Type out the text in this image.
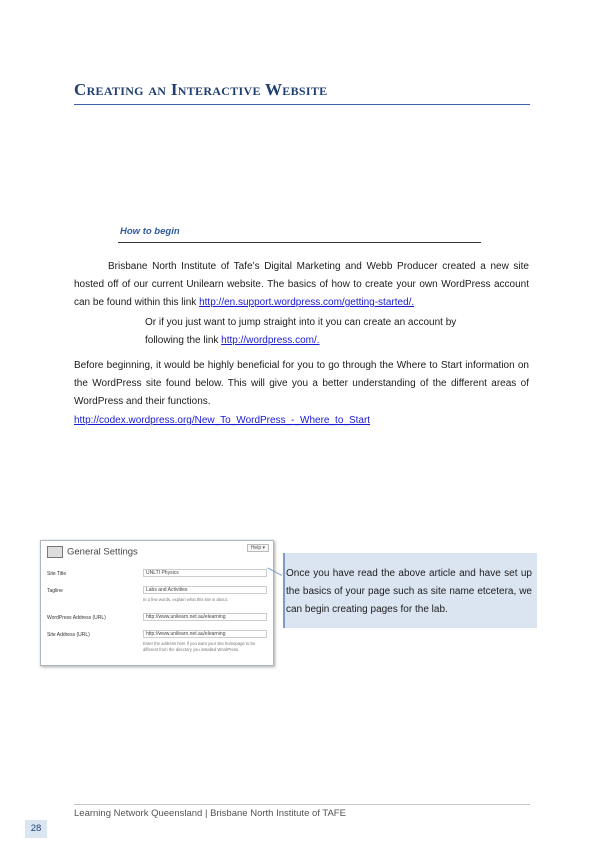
Creating an Interactive Website
How to begin

Brisbane North Institute of Tafe’s Digital Marketing and Webb Producer created a new site hosted off of our current Unilearn website. The basics of how to create your own WordPress account can be found within this link http://en.support.wordpress.com/getting-started/.

Or if you just want to jump straight into it you can create an account by following the link http://wordpress.com/.

Before beginning, it would be highly beneficial for you to go through the Where to Start information on the WordPress site found below. This will give you a better understanding of the different areas of WordPress and their functions.

http://codex.wordpress.org/New_To_WordPress_-_Where_to_Start
General Settings	Help ▾
Site Title	UNLTI Physics
Tagline	Labs and Activities
In a few words, explain what this site is about.
WordPress Address (URL)	http://www.unilearn.net.au/elearning
Site Address (URL)	http://www.unilearn.net.au/elearning
Enter the address here if you want your site homepage to be different from the directory you installed WordPress.

Once you have read the above article and have set up the basics of your page such as site name etcetera, we can begin creating pages for the lab.

Learning Network Queensland | Brisbane North Institute of TAFE
28
